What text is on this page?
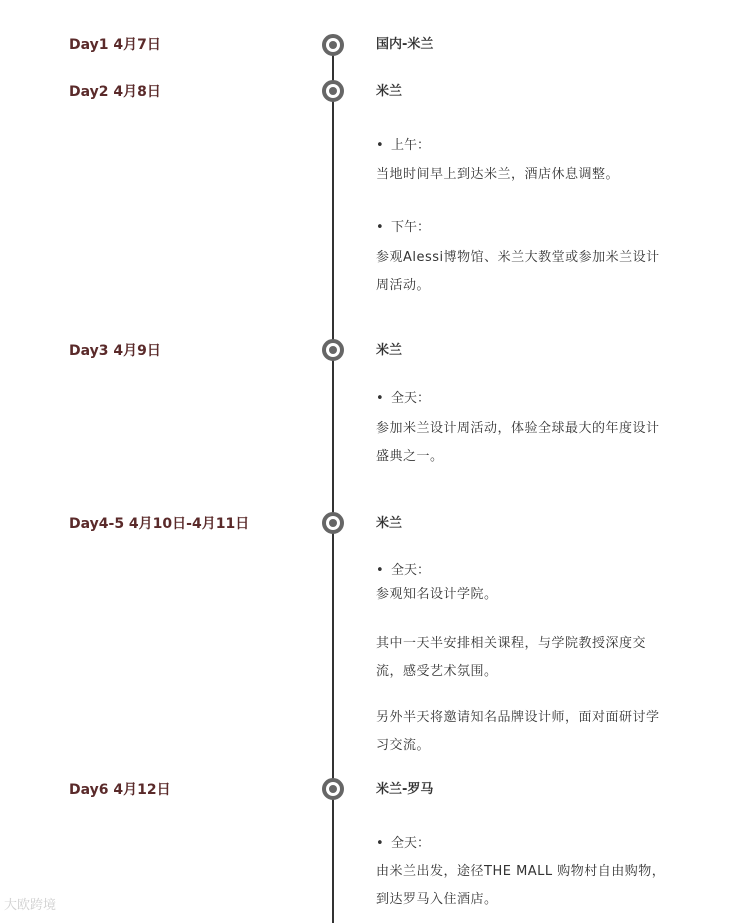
Day1 4月7日	国内-米兰
Day2 4月8日	米兰
• 上午：
当地时间早上到达米兰，酒店休息调整。
• 下午：
参观Alessi博物馆、米兰大教堂或参加米兰设计
周活动。
Day3 4月9日	米兰
• 全天：
参加米兰设计周活动，体验全球最大的年度设计
盛典之一。
Day4-5 4月10日-4月11日	米兰
• 全天：
参观知名设计学院。
其中一天半安排相关课程，与学院教授深度交
流，感受艺术氛围。
另外半天将邀请知名品牌设计师，面对面研讨学
习交流。
Day6 4月12日	米兰-罗马
• 全天：
由米兰出发，途径THE MALL 购物村自由购物，
到达罗马入住酒店。
大欧跨境
